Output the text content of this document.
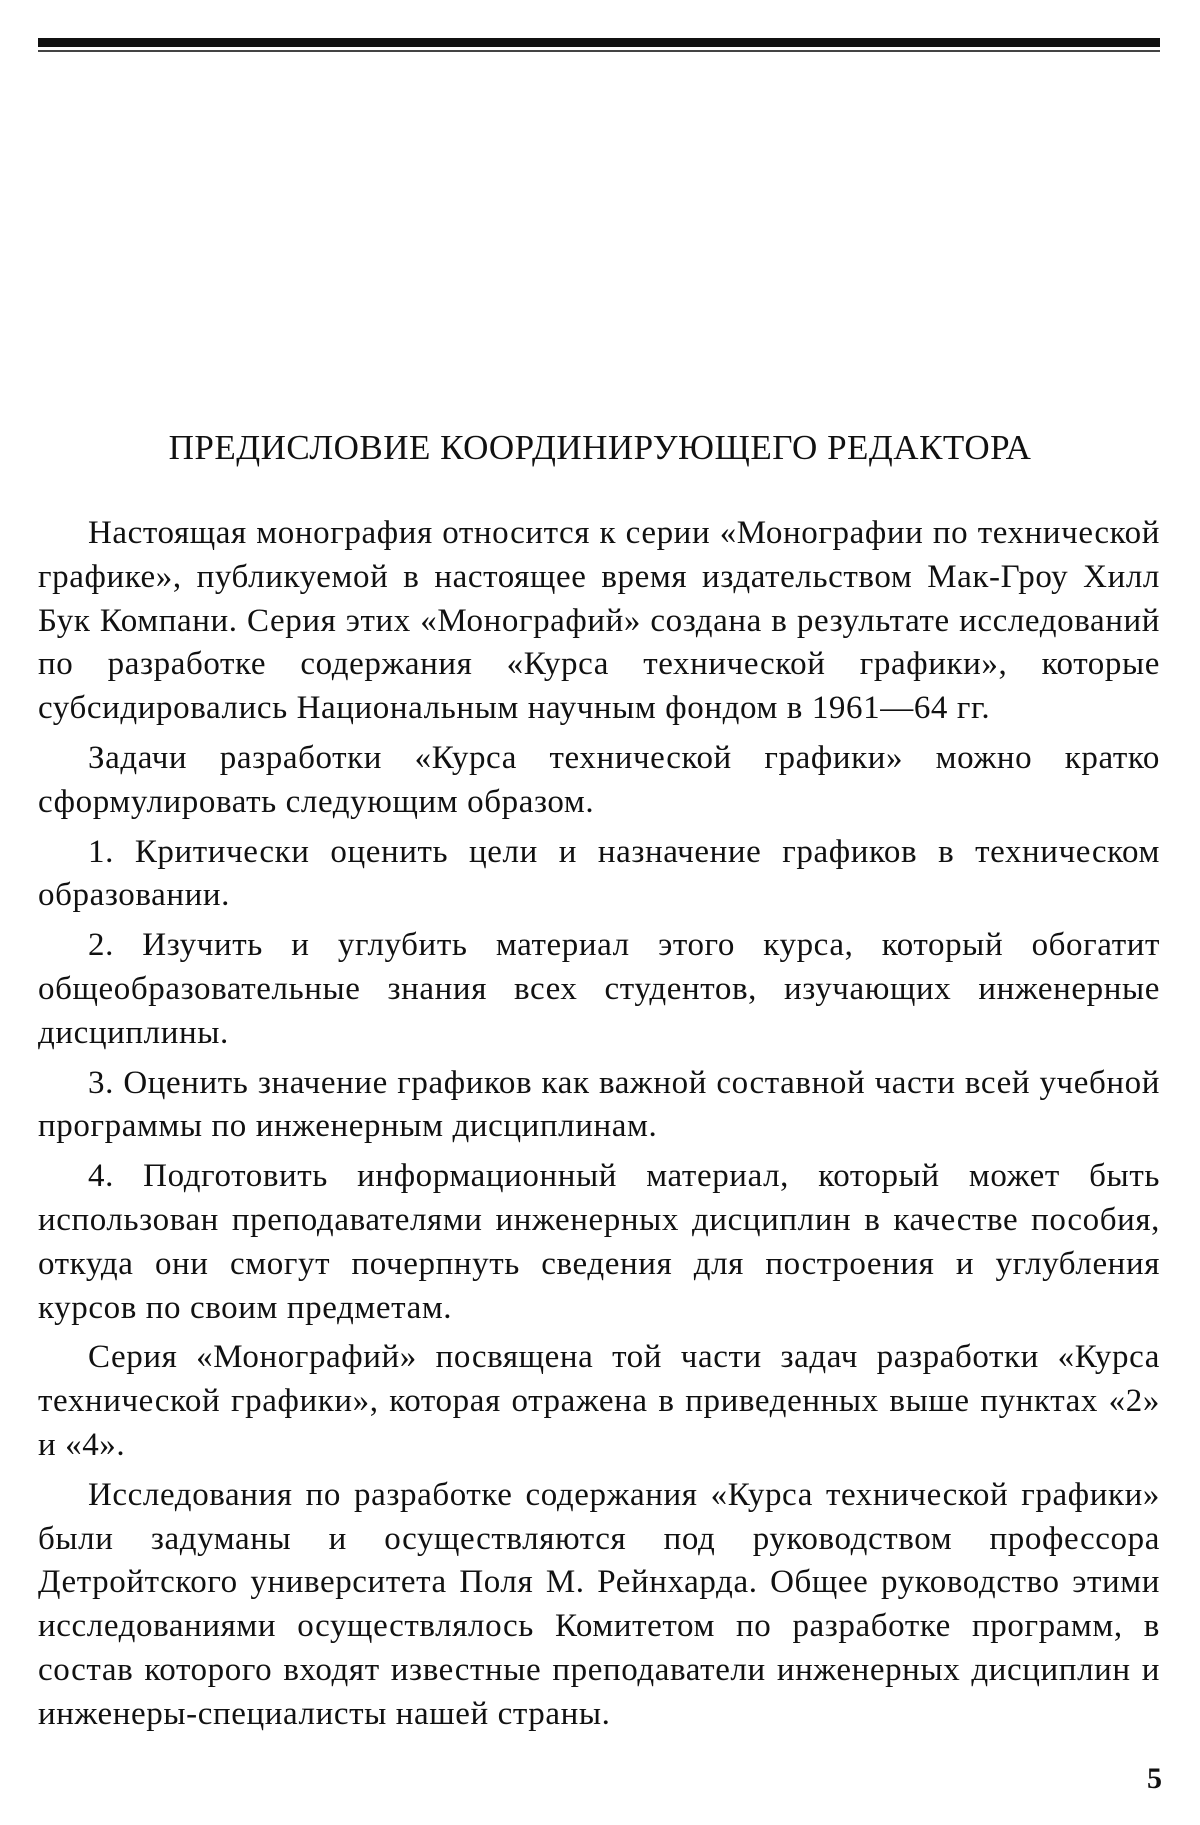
ПРЕДИСЛОВИЕ КООРДИНИРУЮЩЕГО РЕДАКТОРА

Настоящая монография относится к серии «Монографии по технической графике», публикуемой в настоящее время издательством Мак-Гроу Хилл Бук Компани. Серия этих «Монографий» создана в результате исследований по разработке содержания «Курса технической графики», которые субсидировались Национальным научным фондом в 1961—64 гг.

Задачи разработки «Курса технической графики» можно кратко сформулировать следующим образом.

1. Критически оценить цели и назначение графиков в техническом образовании.

2. Изучить и углубить материал этого курса, который обогатит общеобразовательные знания всех студентов, изучающих инженерные дисциплины.

3. Оценить значение графиков как важной составной части всей учебной программы по инженерным дисциплинам.

4. Подготовить информационный материал, который может быть использован преподавателями инженерных дисциплин в качестве пособия, откуда они смогут почерпнуть сведения для построения и углубления курсов по своим предметам.

Серия «Монографий» посвящена той части задач разработки «Курса технической графики», которая отражена в приведенных выше пунктах «2» и «4».

Исследования по разработке содержания «Курса технической графики» были задуманы и осуществляются под руководством профессора Детройтского университета Поля М. Рейнхарда. Общее руководство этими исследованиями осуществлялось Комитетом по разработке программ, в состав которого входят известные преподаватели инженерных дисциплин и инженеры-специалисты нашей страны.

5
